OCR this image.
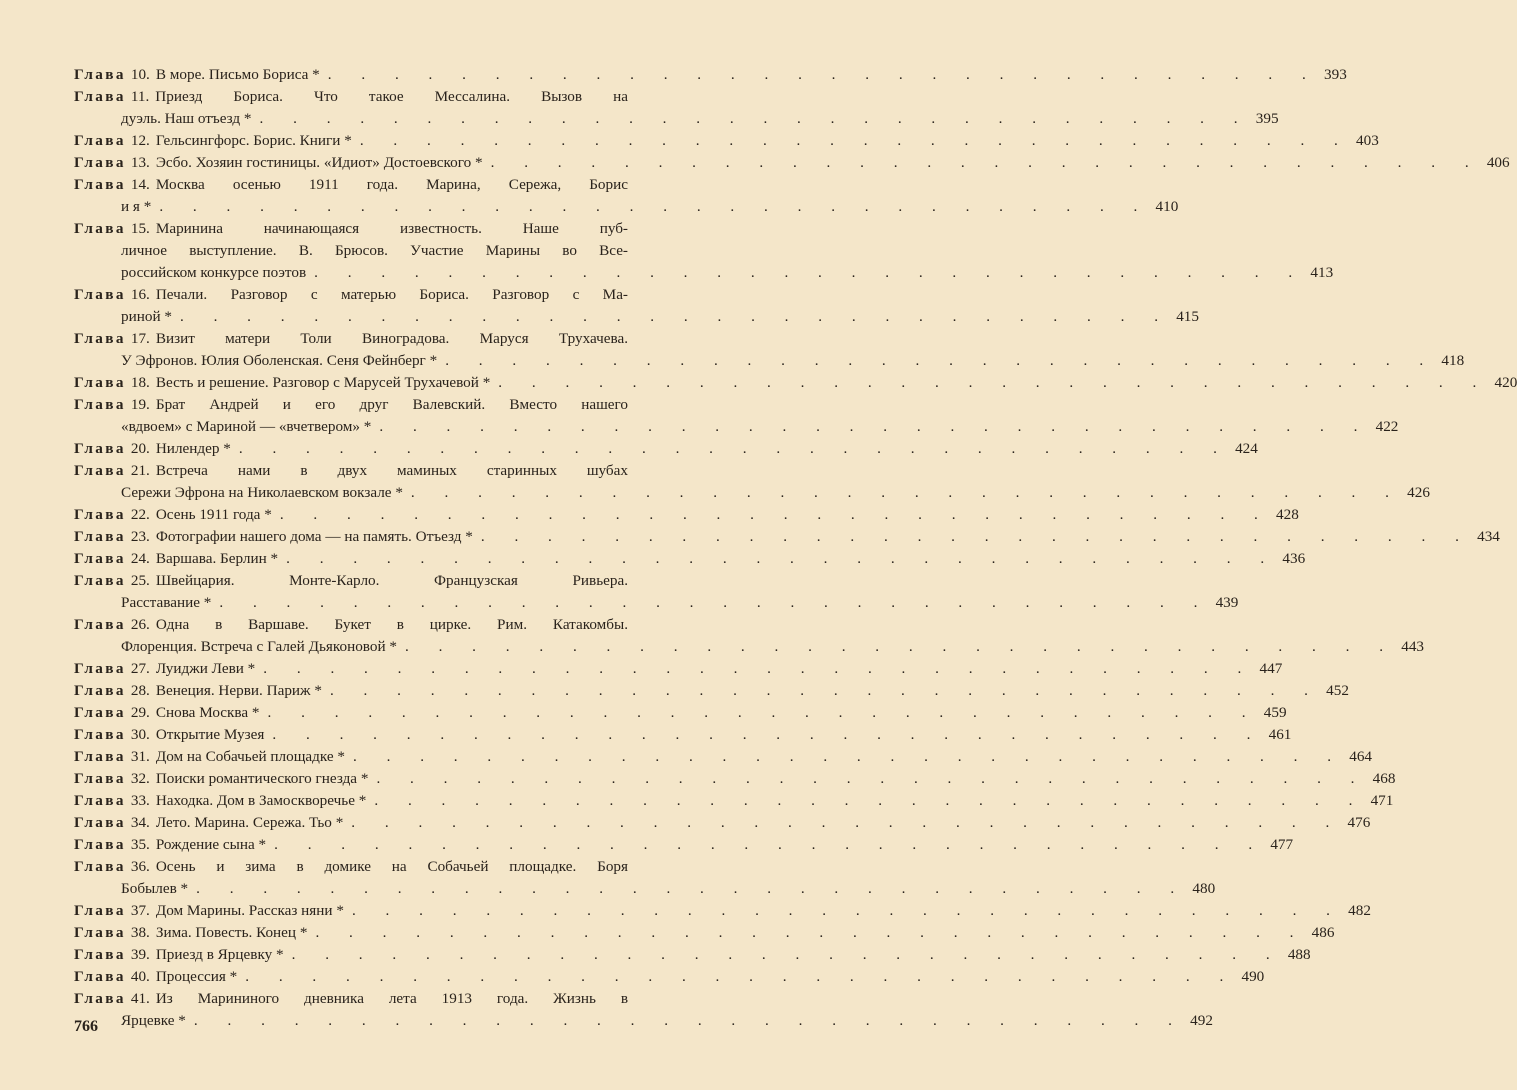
Глава 10. В море. Письмо Бориса * . . . . . . . . . . . . . . . . . . . . . . . . . . . . . . 393
Глава 11. Приезд Бориса. Что такое Мессалина. Вызов на
дуэль. Наш отъезд * . . . . . . . . . . . . . . . . . . . . . . . . . . . . . . 395
Глава 12. Гельсингфорс. Борис. Книги * . . . . . . . . . . . . . . . . . . . . . . . . . . . . . . 403
Глава 13. Эсбо. Хозяин гостиницы. «Идиот» Достоевского * . . . . . . . . . . . . . . . . . . . . . . . . . . . . . . 406
Глава 14. Москва осенью 1911 года. Марина, Сережа, Борис
и я * . . . . . . . . . . . . . . . . . . . . . . . . . . . . . . 410
Глава 15. Маринина начинающаяся известность. Наше пуб-
личное выступление. В. Брюсов. Участие Марины во Все-
российском конкурсе поэтов . . . . . . . . . . . . . . . . . . . . . . . . . . . . . . 413
Глава 16. Печали. Разговор с матерью Бориса. Разговор с Ма-
риной * . . . . . . . . . . . . . . . . . . . . . . . . . . . . . . 415
Глава 17. Визит матери Толи Виноградова. Маруся Трухачева.
У Эфронов. Юлия Оболенская. Сеня Фейнберг * . . . . . . . . . . . . . . . . . . . . . . . . . . . . . . 418
Глава 18. Весть и решение. Разговор с Марусей Трухачевой * . . . . . . . . . . . . . . . . . . . . . . . . . . . . . . 420
Глава 19. Брат Андрей и его друг Валевский. Вместо нашего
«вдвоем» с Мариной — «вчетвером» * . . . . . . . . . . . . . . . . . . . . . . . . . . . . . . 422
Глава 20. Нилендер * . . . . . . . . . . . . . . . . . . . . . . . . . . . . . . 424
Глава 21. Встреча нами в двух маминых старинных шубах
Сережи Эфрона на Николаевском вокзале * . . . . . . . . . . . . . . . . . . . . . . . . . . . . . . 426
Глава 22. Осень 1911 года * . . . . . . . . . . . . . . . . . . . . . . . . . . . . . . 428
Глава 23. Фотографии нашего дома — на память. Отъезд * . . . . . . . . . . . . . . . . . . . . . . . . . . . . . . 434
Глава 24. Варшава. Берлин * . . . . . . . . . . . . . . . . . . . . . . . . . . . . . . 436
Глава 25. Швейцария. Монте-Карло. Французская Ривьера.
Расставание * . . . . . . . . . . . . . . . . . . . . . . . . . . . . . . 439
Глава 26. Одна в Варшаве. Букет в цирке. Рим. Катакомбы.
Флоренция. Встреча с Галей Дьяконовой * . . . . . . . . . . . . . . . . . . . . . . . . . . . . . . 443
Глава 27. Луиджи Леви * . . . . . . . . . . . . . . . . . . . . . . . . . . . . . . 447
Глава 28. Венеция. Нерви. Париж * . . . . . . . . . . . . . . . . . . . . . . . . . . . . . . 452
Глава 29. Снова Москва * . . . . . . . . . . . . . . . . . . . . . . . . . . . . . . 459
Глава 30. Открытие Музея . . . . . . . . . . . . . . . . . . . . . . . . . . . . . . 461
Глава 31. Дом на Собачьей площадке * . . . . . . . . . . . . . . . . . . . . . . . . . . . . . . 464
Глава 32. Поиски романтического гнезда * . . . . . . . . . . . . . . . . . . . . . . . . . . . . . . 468
Глава 33. Находка. Дом в Замоскворечье * . . . . . . . . . . . . . . . . . . . . . . . . . . . . . . 471
Глава 34. Лето. Марина. Сережа. Тьо * . . . . . . . . . . . . . . . . . . . . . . . . . . . . . . 476
Глава 35. Рождение сына * . . . . . . . . . . . . . . . . . . . . . . . . . . . . . . 477
Глава 36. Осень и зима в домике на Собачьей площадке. Боря
Бобылев * . . . . . . . . . . . . . . . . . . . . . . . . . . . . . . 480
Глава 37. Дом Марины. Рассказ няни * . . . . . . . . . . . . . . . . . . . . . . . . . . . . . . 482
Глава 38. Зима. Повесть. Конец * . . . . . . . . . . . . . . . . . . . . . . . . . . . . . . 486
Глава 39. Приезд в Ярцевку * . . . . . . . . . . . . . . . . . . . . . . . . . . . . . . 488
Глава 40. Процессия * . . . . . . . . . . . . . . . . . . . . . . . . . . . . . . 490
Глава 41. Из Марининого дневника лета 1913 года. Жизнь в
Ярцевке * . . . . . . . . . . . . . . . . . . . . . . . . . . . . . . 492
766
